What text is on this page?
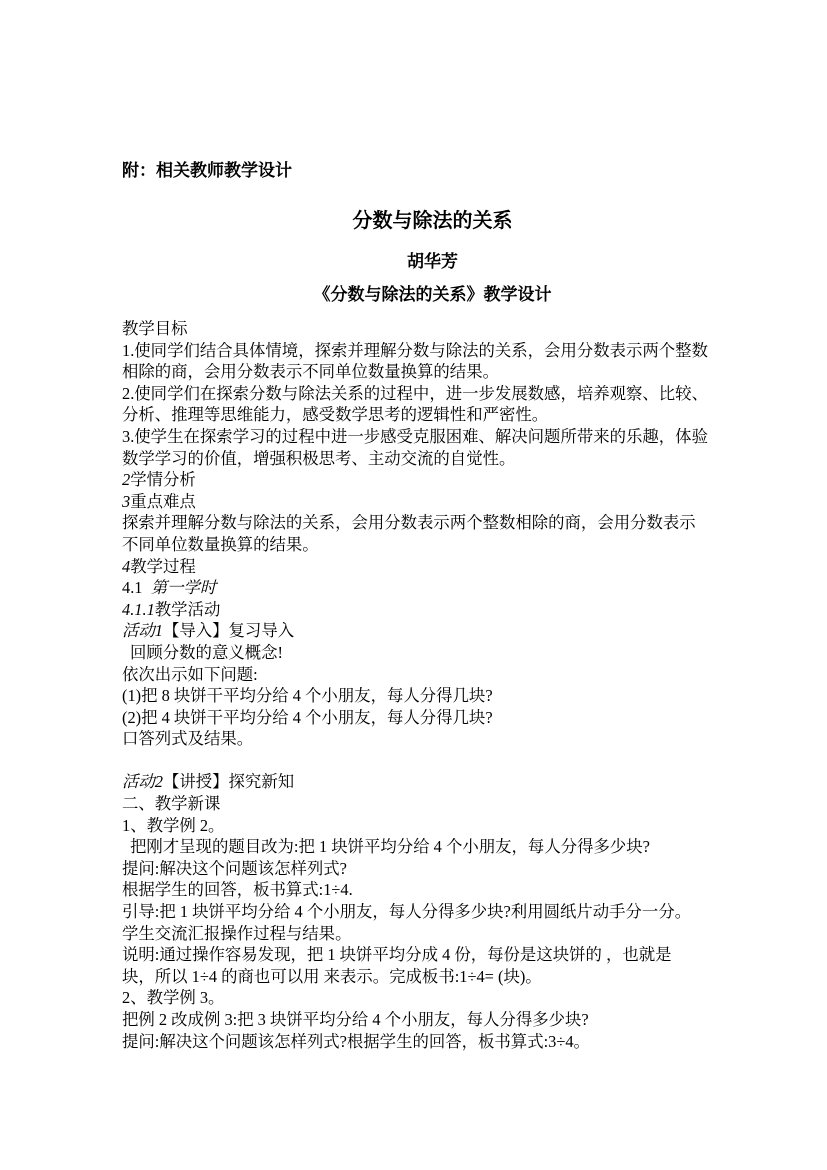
附：相关教师教学设计

分数与除法的关系

胡华芳

《分数与除法的关系》教学设计

教学目标

1.使同学们结合具体情境，探索并理解分数与除法的关系，会用分数表示两个整数相除的商，会用分数表示不同单位数量换算的结果。

2.使同学们在探索分数与除法关系的过程中，进一步发展数感，培养观察、比较、分析、推理等思维能力，感受数学思考的逻辑性和严密性。

3.使学生在探索学习的过程中进一步感受克服困难、解决问题所带来的乐趣，体验数学学习的价值，增强积极思考、主动交流的自觉性。

2学情分析

3重点难点

探索并理解分数与除法的关系，会用分数表示两个整数相除的商，会用分数表示不同单位数量换算的结果。

4教学过程

4.1  第一学时

4.1.1教学活动

活动1【导入】复习导入

回顾分数的意义概念!

依次出示如下问题:

(1)把 8 块饼干平均分给 4 个小朋友，每人分得几块?

(2)把 4 块饼干平均分给 4 个小朋友，每人分得几块?

口答列式及结果。

活动2【讲授】探究新知

二、教学新课

1、教学例 2。

把刚才呈现的题目改为:把 1 块饼平均分给 4 个小朋友，每人分得多少块?

提问:解决这个问题该怎样列式?

根据学生的回答，板书算式:1÷4.

引导:把 1 块饼平均分给 4 个小朋友，每人分得多少块?利用圆纸片动手分一分。

学生交流汇报操作过程与结果。

说明:通过操作容易发现，把 1 块饼平均分成 4 份，每份是这块饼的 ，也就是 块，所以 1÷4 的商也可以用 来表示。完成板书:1÷4= (块)。

2、教学例 3。

把例 2 改成例 3:把 3 块饼平均分给 4 个小朋友，每人分得多少块?

提问:解决这个问题该怎样列式?根据学生的回答，板书算式:3÷4。
